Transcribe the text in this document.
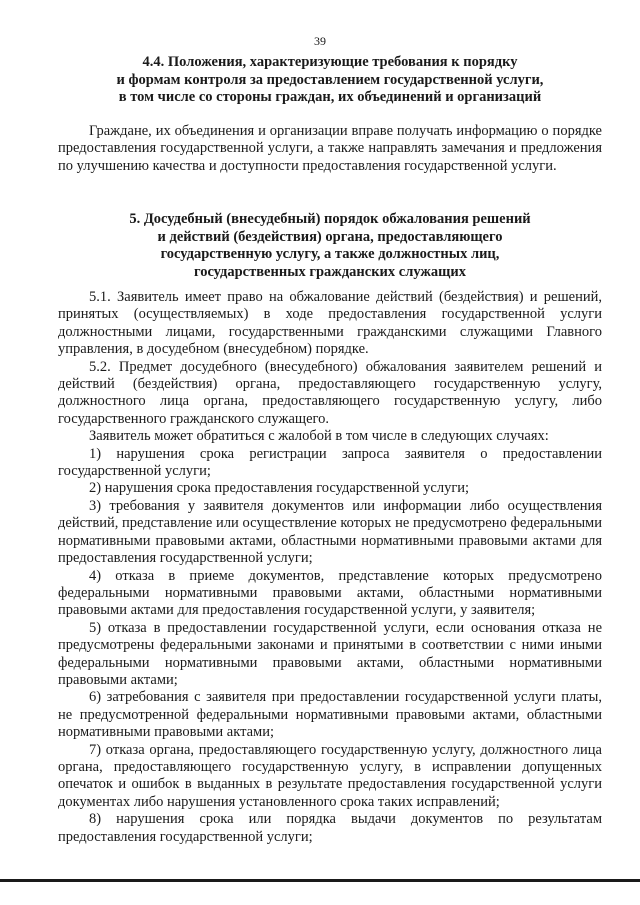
39
4.4. Положения, характеризующие требования к порядку
и формам контроля за предоставлением государственной услуги,
в том числе со стороны граждан, их объединений и организаций
Граждане, их объединения и организации вправе получать информацию о порядке предоставления государственной услуги, а также направлять замечания и предложения по улучшению качества и доступности предоставления государственной услуги.
5. Досудебный (внесудебный) порядок обжалования решений
и действий (бездействия) органа, предоставляющего
государственную услугу, а также должностных лиц,
государственных гражданских служащих
5.1. Заявитель имеет право на обжалование действий (бездействия) и решений, принятых (осуществляемых) в ходе предоставления государственной услуги должностными лицами, государственными гражданскими служащими Главного управления, в досудебном (внесудебном) порядке.
5.2. Предмет досудебного (внесудебного) обжалования заявителем решений и действий (бездействия) органа, предоставляющего государственную услугу, должностного лица органа, предоставляющего государственную услугу, либо государственного гражданского служащего.
Заявитель может обратиться с жалобой в том числе в следующих случаях:
1) нарушения срока регистрации запроса заявителя о предоставлении государственной услуги;
2) нарушения срока предоставления государственной услуги;
3) требования у заявителя документов или информации либо осуществления действий, представление или осуществление которых не предусмотрено федеральными нормативными правовыми актами, областными нормативными правовыми актами для предоставления государственной услуги;
4) отказа в приеме документов, представление которых предусмотрено федеральными нормативными правовыми актами, областными нормативными правовыми актами для предоставления государственной услуги, у заявителя;
5) отказа в предоставлении государственной услуги, если основания отказа не предусмотрены федеральными законами и принятыми в соответствии с ними иными федеральными нормативными правовыми актами, областными нормативными правовыми актами;
6) затребования с заявителя при предоставлении государственной услуги платы, не предусмотренной федеральными нормативными правовыми актами, областными нормативными правовыми актами;
7) отказа органа, предоставляющего государственную услугу, должностного лица органа, предоставляющего государственную услугу, в исправлении допущенных опечаток и ошибок в выданных в результате предоставления государственной услуги документах либо нарушения установленного срока таких исправлений;
8) нарушения срока или порядка выдачи документов по результатам предоставления государственной услуги;
